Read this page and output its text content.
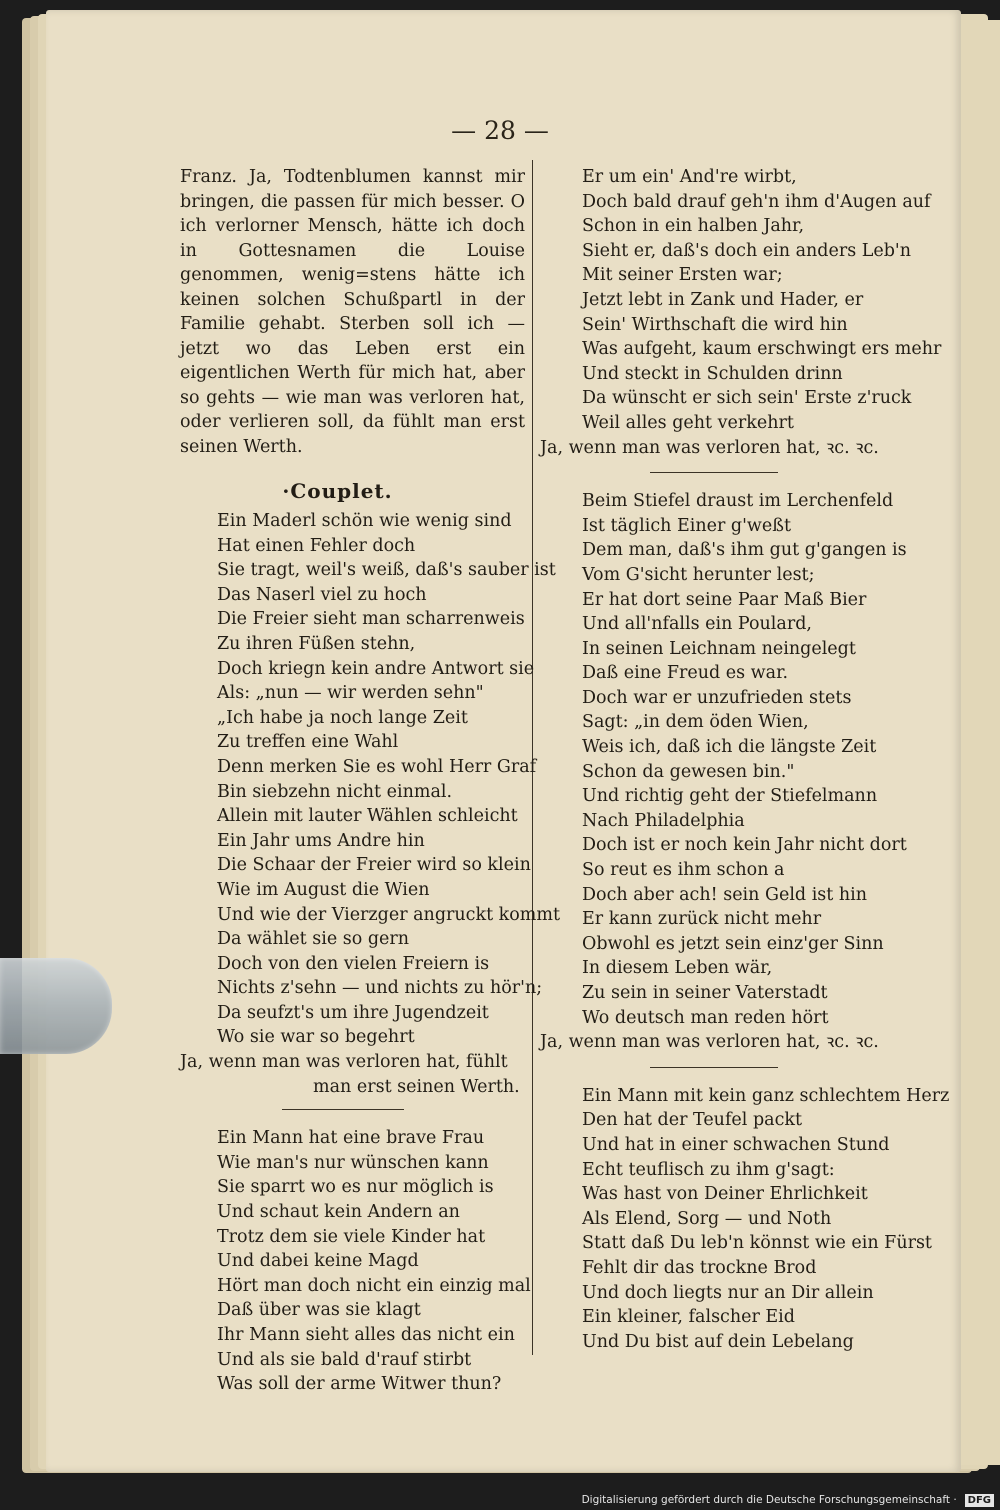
— 28 —

Franz. Ja, Todtenblumen kannst mir bringen, die passen für mich besser. O ich verlorner Mensch, hätte ich doch in Gottesnamen die Louise genommen, wenig=stens hätte ich keinen solchen Schußpartl in der Familie gehabt. Sterben soll ich — jetzt wo das Leben erst ein eigentlichen Werth für mich hat, aber so gehts — wie man was verloren hat, oder verlieren soll, da fühlt man erst seinen Werth.

·Couplet.
Ein Maderl schön wie wenig sind
Hat einen Fehler doch
Sie tragt, weil's weiß, daß's sauber ist
Das Naserl viel zu hoch
Die Freier sieht man scharrenweis
Zu ihren Füßen stehn,
Doch kriegn kein andre Antwort sie
Als: „nun — wir werden sehn"
„Ich habe ja noch lange Zeit
Zu treffen eine Wahl
Denn merken Sie es wohl Herr Graf
Bin siebzehn nicht einmal.
Allein mit lauter Wählen schleicht
Ein Jahr ums Andre hin
Die Schaar der Freier wird so klein
Wie im August die Wien
Und wie der Vierzger angruckt kommt
Da wählet sie so gern
Doch von den vielen Freiern is
Nichts z'sehn — und nichts zu hör'n;
Da seufzt's um ihre Jugendzeit
Wo sie war so begehrt
Ja, wenn man was verloren hat, fühlt
man erst seinen Werth.
Ein Mann hat eine brave Frau
Wie man's nur wünschen kann
Sie sparrt wo es nur möglich is
Und schaut kein Andern an
Trotz dem sie viele Kinder hat
Und dabei keine Magd
Hört man doch nicht ein einzig mal
Daß über was sie klagt
Ihr Mann sieht alles das nicht ein
Und als sie bald d'rauf stirbt
Was soll der arme Witwer thun?
Er um ein' And're wirbt,
Doch bald drauf geh'n ihm d'Augen auf
Schon in ein halben Jahr,
Sieht er, daß's doch ein anders Leb'n
Mit seiner Ersten war;
Jetzt lebt in Zank und Hader, er
Sein' Wirthschaft die wird hin
Was aufgeht, kaum erschwingt ers mehr
Und steckt in Schulden drinn
Da wünscht er sich sein' Erste z'ruck
Weil alles geht verkehrt
Ja, wenn man was verloren hat, ꝛc. ꝛc.
Beim Stiefel draust im Lerchenfeld
Ist täglich Einer g'weßt
Dem man, daß's ihm gut g'gangen is
Vom G'sicht herunter lest;
Er hat dort seine Paar Maß Bier
Und all'nfalls ein Poulard,
In seinen Leichnam neingelegt
Daß eine Freud es war.
Doch war er unzufrieden stets
Sagt: „in dem öden Wien,
Weis ich, daß ich die längste Zeit
Schon da gewesen bin."
Und richtig geht der Stiefelmann
Nach Philadelphia
Doch ist er noch kein Jahr nicht dort
So reut es ihm schon a
Doch aber ach! sein Geld ist hin
Er kann zurück nicht mehr
Obwohl es jetzt sein einz'ger Sinn
In diesem Leben wär,
Zu sein in seiner Vaterstadt
Wo deutsch man reden hört
Ja, wenn man was verloren hat, ꝛc. ꝛc.
Ein Mann mit kein ganz schlechtem Herz
Den hat der Teufel packt
Und hat in einer schwachen Stund
Echt teuflisch zu ihm g'sagt:
Was hast von Deiner Ehrlichkeit
Als Elend, Sorg — und Noth
Statt daß Du leb'n könnst wie ein Fürst
Fehlt dir das trockne Brod
Und doch liegts nur an Dir allein
Ein kleiner, falscher Eid
Und Du bist auf dein Lebelang
Digitalisierung gefördert durch die Deutsche Forschungsgemeinschaft · DFG
